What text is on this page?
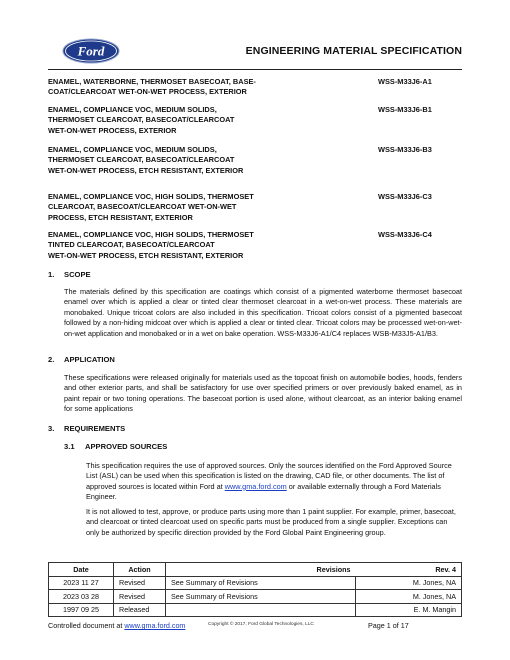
Ford	ENGINEERING MATERIAL SPECIFICATION
ENAMEL, WATERBORNE, THERMOSET BASECOAT, BASE-
COAT/CLEARCOAT WET-ON-WET PROCESS, EXTERIOR
WSS-M33J6-A1
ENAMEL, COMPLIANCE VOC, MEDIUM SOLIDS,
THERMOSET CLEARCOAT, BASECOAT/CLEARCOAT
WET-ON-WET PROCESS, EXTERIOR
WSS-M33J6-B1
ENAMEL, COMPLIANCE VOC, MEDIUM SOLIDS,
THERMOSET CLEARCOAT, BASECOAT/CLEARCOAT
WET-ON-WET PROCESS, ETCH RESISTANT, EXTERIOR
WSS-M33J6-B3
ENAMEL, COMPLIANCE VOC, HIGH SOLIDS, THERMOSET
CLEARCOAT, BASECOAT/CLEARCOAT WET-ON-WET
PROCESS, ETCH RESISTANT, EXTERIOR
WSS-M33J6-C3
ENAMEL, COMPLIANCE VOC, HIGH SOLIDS, THERMOSET
TINTED CLEARCOAT, BASECOAT/CLEARCOAT
WET-ON-WET PROCESS, ETCH RESISTANT, EXTERIOR
WSS-M33J6-C4
1. SCOPE
The materials defined by this specification are coatings which consist of a pigmented waterborne thermoset basecoat enamel over which is applied a clear or tinted clear thermoset clearcoat in a wet-on-wet process. These materials are monobaked. Unique tricoat colors are also included in this specification. Tricoat colors consist of a pigmented basecoat followed by a non-hiding midcoat over which is applied a clear or tinted clear. Tricoat colors may be processed wet-on-wet-on-wet application and monobaked or in a wet on bake operation. WSS-M33J6-A1/C4 replaces WSB-M33J5-A1/B3.
2. APPLICATION
These specifications were released originally for materials used as the topcoat finish on automobile bodies, hoods, fenders and other exterior parts, and shall be satisfactory for use over specified primers or over previously baked enamel, as in paint repair or two toning operations. The basecoat portion is used alone, without clearcoat, as an interior baking enamel for some applications
3. REQUIREMENTS
3.1 APPROVED SOURCES
This specification requires the use of approved sources. Only the sources identified on the Ford Approved Source List (ASL) can be used when this specification is listed on the drawing, CAD file, or other documents. The list of approved sources is located within Ford at www.gma.ford.com or available externally through a Ford Materials Engineer.
It is not allowed to test, approve, or produce parts using more than 1 paint supplier. For example, primer, basecoat, and clearcoat or tinted clearcoat used on specific parts must be produced from a single supplier. Exceptions can only be authorized by specific direction provided by the Ford Global Paint Engineering group.
Date	Action	Revisions	Rev. 4
2023 11 27	Revised	See Summary of Revisions	M. Jones, NA
2023 03 28	Revised	See Summary of Revisions	M. Jones, NA
1997 09 25	Released		E. M. Mangin
Controlled document at www.gma.ford.com	Copyright © 2017, Ford Global Technologies, LLC	Page 1 of 17
